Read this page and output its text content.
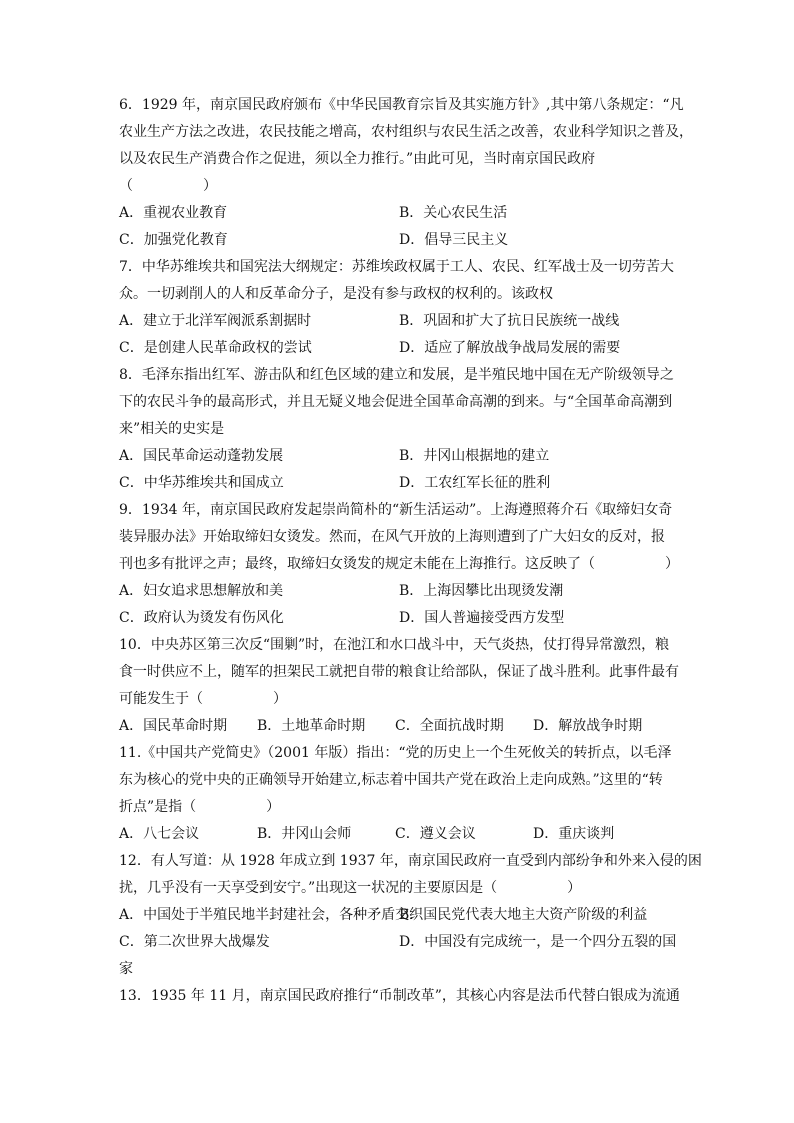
6．1929 年，南京国民政府颁布《中华民国教育宗旨及其实施方针》,其中第八条规定：“凡
农业生产方法之改进，农民技能之增高，农村组织与农民生活之改善，农业科学知识之普及，
以及农民生产消费合作之促进，须以全力推行。”由此可见，当时南京国民政府
（　　　　　）
A．重视农业教育	B．关心农民生活
C．加强党化教育	D．倡导三民主义
7．中华苏维埃共和国宪法大纲规定：苏维埃政权属于工人、农民、红军战士及一切劳苦大
众。一切剥削人的人和反革命分子，是没有参与政权的权利的。该政权
A．建立于北洋军阀派系割据时	B．巩固和扩大了抗日民族统一战线
C．是创建人民革命政权的尝试	D．适应了解放战争战局发展的需要
8．毛泽东指出红军、游击队和红色区域的建立和发展，是半殖民地中国在无产阶级领导之
下的农民斗争的最高形式，并且无疑义地会促进全国革命高潮的到来。与“全国革命高潮到
来”相关的史实是
A．国民革命运动蓬勃发展	B．井冈山根据地的建立
C．中华苏维埃共和国成立	D．工农红军长征的胜利
9．1934 年，南京国民政府发起崇尚简朴的“新生活运动”。上海遵照蒋介石《取缔妇女奇
装异服办法》开始取缔妇女烫发。然而，在风气开放的上海则遭到了广大妇女的反对，报
刊也多有批评之声；最终，取缔妇女烫发的规定未能在上海推行。这反映了（　　　　　）
A．妇女追求思想解放和美	B．上海因攀比出现烫发潮
C．政府认为烫发有伤风化	D．国人普遍接受西方发型
10．中央苏区第三次反“围剿”时，在池江和水口战斗中，天气炎热，仗打得异常激烈，粮
食一时供应不上，随军的担架民工就把自带的粮食让给部队，保证了战斗胜利。此事件最有
可能发生于（　　　　　）
A．国民革命时期	B．土地革命时期	C．全面抗战时期	D．解放战争时期
11.《中国共产党简史》（2001 年版）指出：“党的历史上一个生死攸关的转折点，以毛泽
东为核心的党中央的正确领导开始建立,标志着中国共产党在政治上走向成熟。”这里的“转
折点”是指（　　　　　）
A．八七会议	B．井冈山会师	C．遵义会议	D．重庆谈判
12．有人写道：从 1928 年成立到 1937 年，南京国民政府一直受到内部纷争和外来入侵的困
扰，几乎没有一天享受到安宁。”出现这一状况的主要原因是（　　　　　）
A．中国处于半殖民地半封建社会，各种矛盾交织
B．国民党代表大地主大资产阶级的利益
C．第二次世界大战爆发	D．中国没有完成统一，是一个四分五裂的国
家
13．1935 年 11 月，南京国民政府推行“币制改革”，其核心内容是法币代替白银成为流通
